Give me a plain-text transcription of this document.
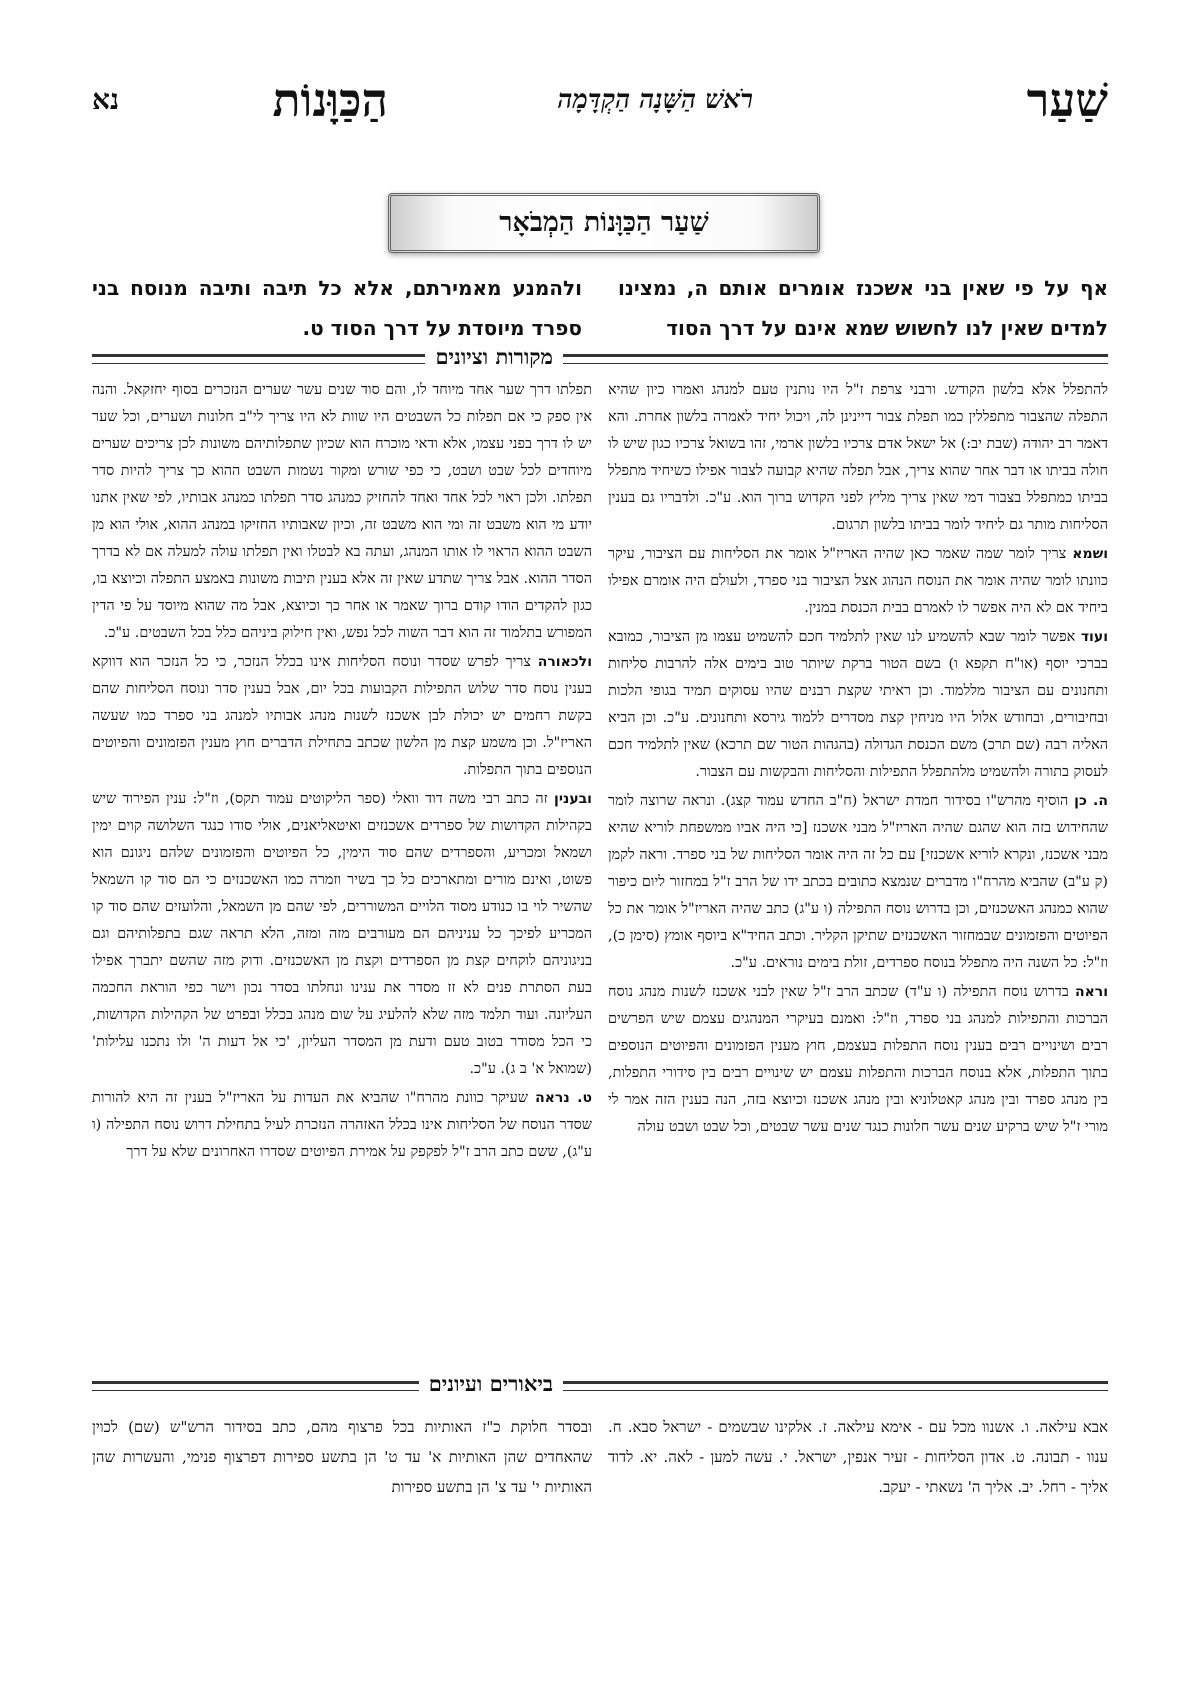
שַׁעַר
רֹאשׁ הַשָּׁנָה הַקְדָּמָה
הַכַּוָּנוֹת
נא
שַׁעַר הַכַּוָּנוֹת הַמְבֹאָר

אף על פי שאין בני אשכנז אומרים אותם ה, נמצינו למדים שאין לנו לחשוש שמא אינם על דרך הסוד

ולהמנע מאמירתם, אלא כל תיבה ותיבה מנוסח בני ספרד מיוסדת על דרך הסוד ט.

מקורות וציונים

להתפלל אלא בלשון הקודש. ורבני צרפת ז"ל היו נותנין טעם למנהג ואמרו כיון שהיא התפלה שהצבור מתפללין כמו תפלת צבור דיינינן לה, ויכול יחיד לאמרה בלשון אחרת. והא דאמר רב יהודה (שבת יב:) אל ישאל אדם צרכיו בלשון ארמי, זהו בשואל צרכיו כגון שיש לו חולה בביתו או דבר אחר שהוא צריך, אבל תפלה שהיא קבועה לצבור אפילו כשיחיד מתפלל בביתו כמתפלל בצבור דמי שאין צריך מליץ לפני הקדוש ברוך הוא. ע"כ. ולדבריו גם בענין הסליחות מותר גם ליחיד לומר בביתו בלשון תרגום.

ושמא צריך לומר שמה שאמר כאן שהיה האריז"ל אומר את הסליחות עם הציבור, עיקר כוונתו לומר שהיה אומר את הנוסח הנהוג אצל הציבור בני ספרד, ולעולם היה אומרם אפילו ביחיד אם לא היה אפשר לו לאמרם בבית הכנסת במנין.

ועוד אפשר לומר שבא להשמיע לנו שאין לתלמיד חכם להשמיט עצמו מן הציבור, כמובא בברכי יוסף (או"ח תקפא ו) בשם הטור ברקת שיותר טוב בימים אלה להרבות סליחות ותחנונים עם הציבור מללמוד. וכן ראיתי שקצת רבנים שהיו עסוקים תמיד בגופי הלכות ובחיבורים, ובחודש אלול היו מניחין קצת מסדרים ללמוד גירסא ותחנונים. ע"כ. וכן הביא האליה רבה (שם תרכ) משם הכנסת הגדולה (בהגהות הטור שם תרכא) שאין לתלמיד חכם לעסוק בתורה ולהשמיט מלהתפלל התפילות והסליחות והבקשות עם הצבור.

ה. כן הוסיף מהרש"ו בסידור חמדת ישראל (ח"ב החדש עמוד קצג). ונראה שרוצה לומר שהחידוש בזה הוא שהגם שהיה האריז"ל מבני אשכנז [כי היה אביו ממשפחת לוריא שהיא מבני אשכנז, ונקרא לוריא אשכנזי] עם כל זה היה אומר הסליחות של בני ספרד. וראה לקמן (ק ע"ב) שהביא מהרח"ו מדברים שנמצא כתובים בכתב ידו של הרב ז"ל במחזור ליום כיפור שהוא כמנהג האשכנזים, וכן בדרוש נוסח התפילה (ו ע"ג) כתב שהיה האריז"ל אומר את כל הפיוטים והפזמונים שבמחזור האשכנזים שתיקן הקליר. וכתב החיד"א ביוסף אומץ (סימן כ), וז"ל: כל השנה היה מתפלל בנוסח ספרדים, זולת בימים נוראים. ע"כ.

וראה בדרוש נוסח התפילה (ו ע"ד) שכתב הרב ז"ל שאין לבני אשכנז לשנות מנהג נוסח הברכות והתפילות למנהג בני ספרד, וז"ל: ואמנם בעיקרי המנהגים עצמם שיש הפרשים רבים ושינויים רבים בענין נוסח התפלות בעצמם, חוץ מענין הפזמונים והפיוטים הנוספים בתוך התפלות, אלא בנוסח הברכות והתפלות עצמם יש שינויים רבים בין סידורי התפלות, בין מנהג ספרד ובין מנהג קאטלוניא ובין מנהג אשכנז וכיוצא בזה, הנה בענין הזה אמר לי מורי ז"ל שיש ברקיע שנים עשר חלונות כנגד שנים עשר שבטים, וכל שבט ושבט עולה

תפלתו דרך שער אחד מיוחד לו, והם סוד שנים עשר שערים הנזכרים בסוף יחזקאל. והנה אין ספק כי אם תפלות כל השבטים היו שוות לא היו צריך לי"ב חלונות ושערים, וכל שער יש לו דרך בפני עצמו, אלא ודאי מוכרח הוא שכיון שתפלותיהם משונות לכן צריכים שערים מיוחדים לכל שבט ושבט, כי כפי שורש ומקור נשמות השבט ההוא כך צריך להיות סדר תפלתו. ולכן ראוי לכל אחד ואחד להחזיק כמנהג סדר תפלתו כמנהג אבותיו, לפי שאין אתנו יודע מי הוא משבט זה ומי הוא משבט זה, וכיון שאבותיו החזיקו במנהג ההוא, אולי הוא מן השבט ההוא הראוי לו אותו המנהג, ועתה בא לבטלו ואין תפלתו עולה למעלה אם לא בדרך הסדר ההוא. אבל צריך שתדע שאין זה אלא בענין תיבות משונות באמצע התפלה וכיוצא בו, כגון להקדים הודו קודם ברוך שאמר או אחר כך וכיוצא, אבל מה שהוא מיוסד על פי הדין המפורש בתלמוד זה הוא דבר השוה לכל נפש, ואין חילוק ביניהם כלל בכל השבטים. ע"כ.

ולכאורה צריך לפרש שסדר ונוסח הסליחות אינו בכלל הנזכר, כי כל הנזכר הוא דווקא בענין נוסח סדר שלוש התפילות הקבועות בכל יום, אבל בענין סדר ונוסח הסליחות שהם בקשת רחמים יש יכולת לבן אשכנז לשנות מנהג אבותיו למנהג בני ספרד כמו שעשה האריז"ל. וכן משמע קצת מן הלשון שכתב בתחילת הדברים חוץ מענין הפזמונים והפיוטים הנוספים בתוך התפלות.

ובענין זה כתב רבי משה דוד וואלי (ספר הליקוטים עמוד תקס), וז"ל: ענין הפירוד שיש בקהילות הקדושות של ספרדים אשכנזים ואיטאליאנים, אולי סודו כנגד השלושה קוים ימין ושמאל ומכריע, והספרדים שהם סוד הימין, כל הפיוטים והפזמונים שלהם ניגונם הוא פשוט, ואינם מורים ומתארכים כל כך בשיר וזמרה כמו האשכנזים כי הם סוד קו השמאל שהשיר לוי בו כנודע מסוד הלויים המשוררים, לפי שהם מן השמאל, והלועזים שהם סוד קו המכריע לפיכך כל עניניהם הם מעורבים מזה ומזה, הלא תראה שגם בתפלותיהם וגם בניגוניהם לוקחים קצת מן הספרדים וקצת מן האשכנזים. ודוק מזה שהשם יתברך אפילו בעת הסתרת פנים לא זז מסדר את ענינו ונחלתו בסדר נכון וישר כפי הוראת החכמה העליונה. ועוד תלמד מזה שלא להלעיג על שום מנהג בכלל ובפרט של הקהילות הקדושות, כי הכל מסודר בטוב טעם ודעת מן המסדר העליון, 'כי אל דעות ה' ולו נתכנו עלילות' (שמואל א' ב ג). ע"כ.

ט. נראה שעיקר כוונת מהרח"ו שהביא את העדות על האריז"ל בענין זה היא להורות שסדר הנוסח של הסליחות אינו בכלל האזהרה הנזכרת לעיל בתחילת דרוש נוסח התפילה (ו ע"ג), ששם כתב הרב ז"ל לפקפק על אמירת הפיוטים שסדרו האחרונים שלא על דרך

ביאורים ועיונים

אבא עילאה. ו. אשנוו מכל עם - אימא עילאה. ז. אלקינו שבשמים - ישראל סבא. ח. ענוו - תבונה. ט. אדון הסליחות - זעיר אנפין, ישראל. י. עשה למען - לאה. יא. לדוד אליך - רחל. יב. אליך ה' נשאתי - יעקב.

ובסדר חלוקת כ"ז האותיות בכל פרצוף מהם, כתב בסידור הרש"ש (שם) לכוין שהאחדים שהן האותיות א' עד ט' הן בתשע ספירות דפרצוף פנימי, והעשרות שהן האותיות י' עד צ' הן בתשע ספירות
